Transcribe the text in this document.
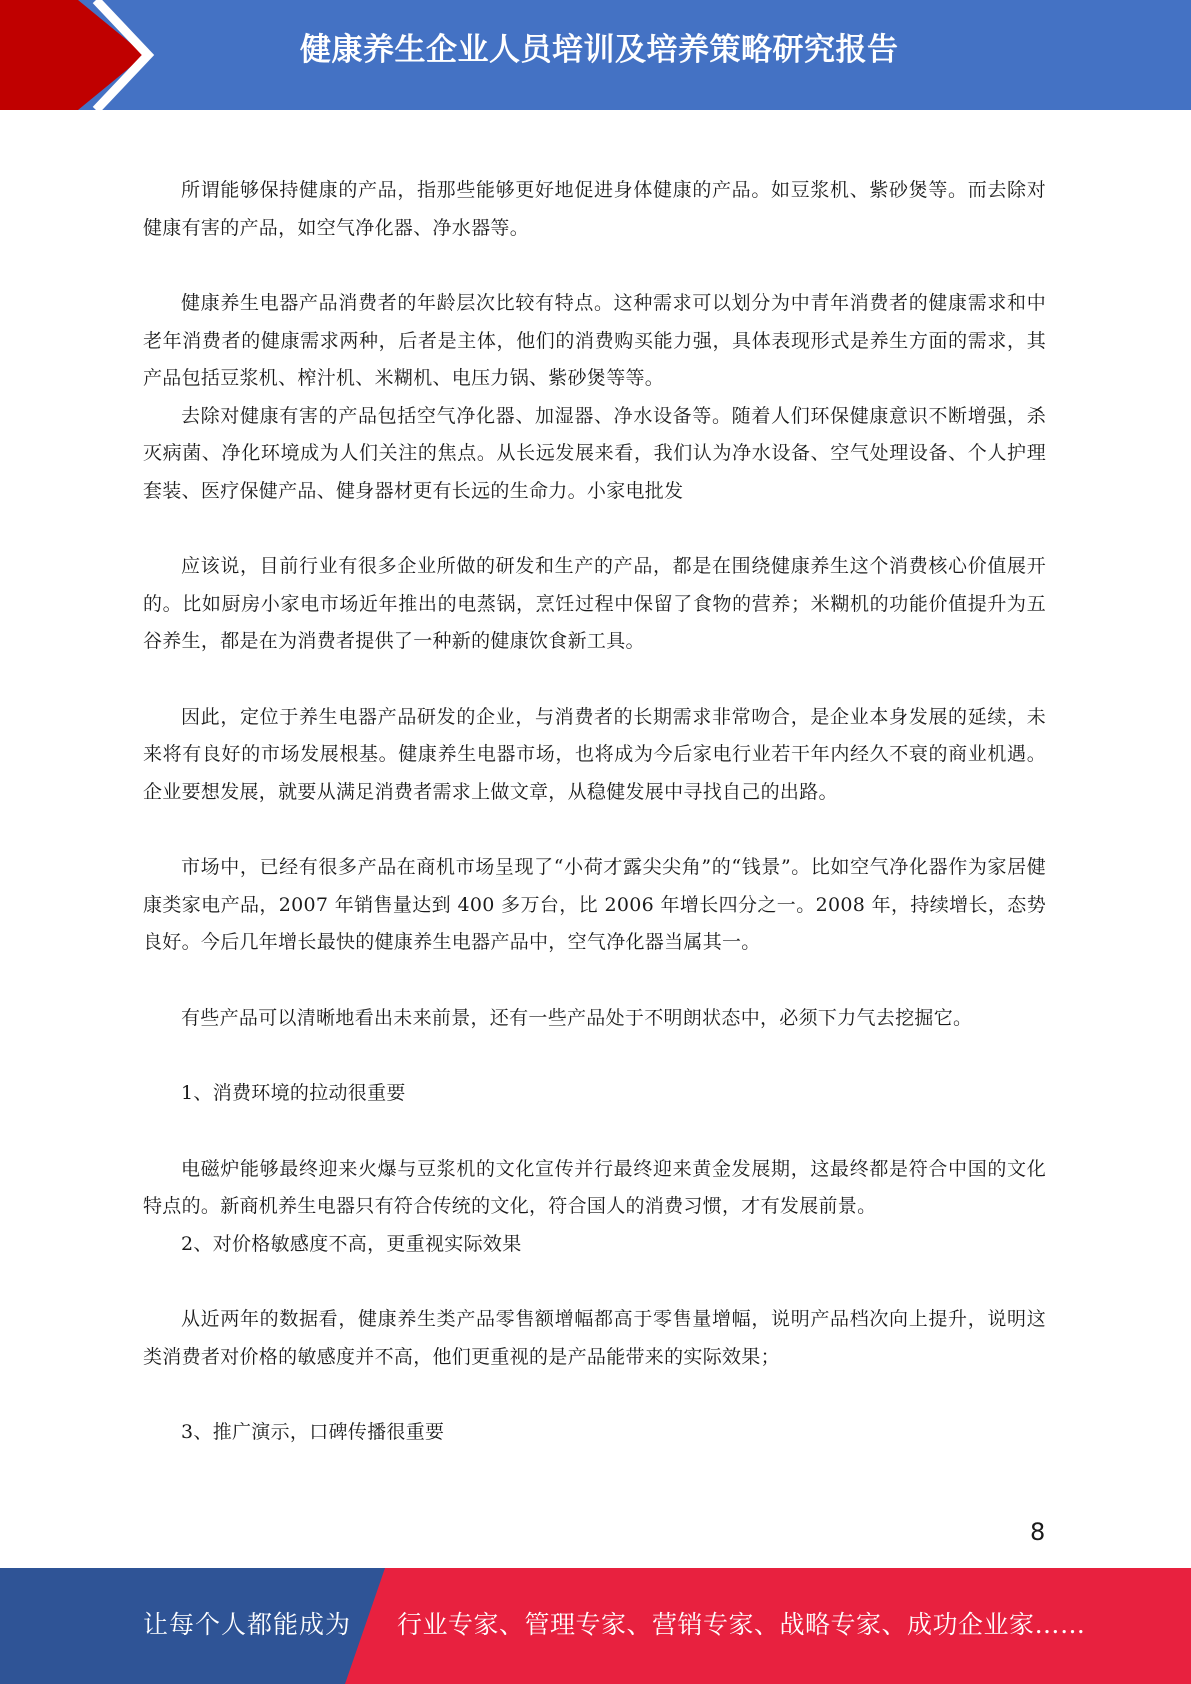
健康养生企业人员培训及培养策略研究报告

所谓能够保持健康的产品，指那些能够更好地促进身体健康的产品。如豆浆机、紫砂煲等。而去除对健康有害的产品，如空气净化器、净水器等。

健康养生电器产品消费者的年龄层次比较有特点。这种需求可以划分为中青年消费者的健康需求和中老年消费者的健康需求两种，后者是主体，他们的消费购买能力强，具体表现形式是养生方面的需求，其产品包括豆浆机、榨汁机、米糊机、电压力锅、紫砂煲等等。

去除对健康有害的产品包括空气净化器、加湿器、净水设备等。随着人们环保健康意识不断增强，杀灭病菌、净化环境成为人们关注的焦点。从长远发展来看，我们认为净水设备、空气处理设备、个人护理套装、医疗保健产品、健身器材更有长远的生命力。小家电批发

应该说，目前行业有很多企业所做的研发和生产的产品，都是在围绕健康养生这个消费核心价值展开的。比如厨房小家电市场近年推出的电蒸锅，烹饪过程中保留了食物的营养；米糊机的功能价值提升为五谷养生，都是在为消费者提供了一种新的健康饮食新工具。

因此，定位于养生电器产品研发的企业，与消费者的长期需求非常吻合，是企业本身发展的延续，未来将有良好的市场发展根基。健康养生电器市场，也将成为今后家电行业若干年内经久不衰的商业机遇。企业要想发展，就要从满足消费者需求上做文章，从稳健发展中寻找自己的出路。

市场中，已经有很多产品在商机市场呈现了“小荷才露尖尖角”的“钱景”。比如空气净化器作为家居健康类家电产品，2007 年销售量达到 400 多万台，比 2006 年增长四分之一。2008 年，持续增长，态势良好。今后几年增长最快的健康养生电器产品中，空气净化器当属其一。

有些产品可以清晰地看出未来前景，还有一些产品处于不明朗状态中，必须下力气去挖掘它。

1、消费环境的拉动很重要

电磁炉能够最终迎来火爆与豆浆机的文化宣传并行最终迎来黄金发展期，这最终都是符合中国的文化特点的。新商机养生电器只有符合传统的文化，符合国人的消费习惯，才有发展前景。

2、对价格敏感度不高，更重视实际效果

从近两年的数据看，健康养生类产品零售额增幅都高于零售量增幅，说明产品档次向上提升，说明这类消费者对价格的敏感度并不高，他们更重视的是产品能带来的实际效果；

3、推广演示，口碑传播很重要

8
让每个人都能成为 行业专家、管理专家、营销专家、战略专家、成功企业家……
